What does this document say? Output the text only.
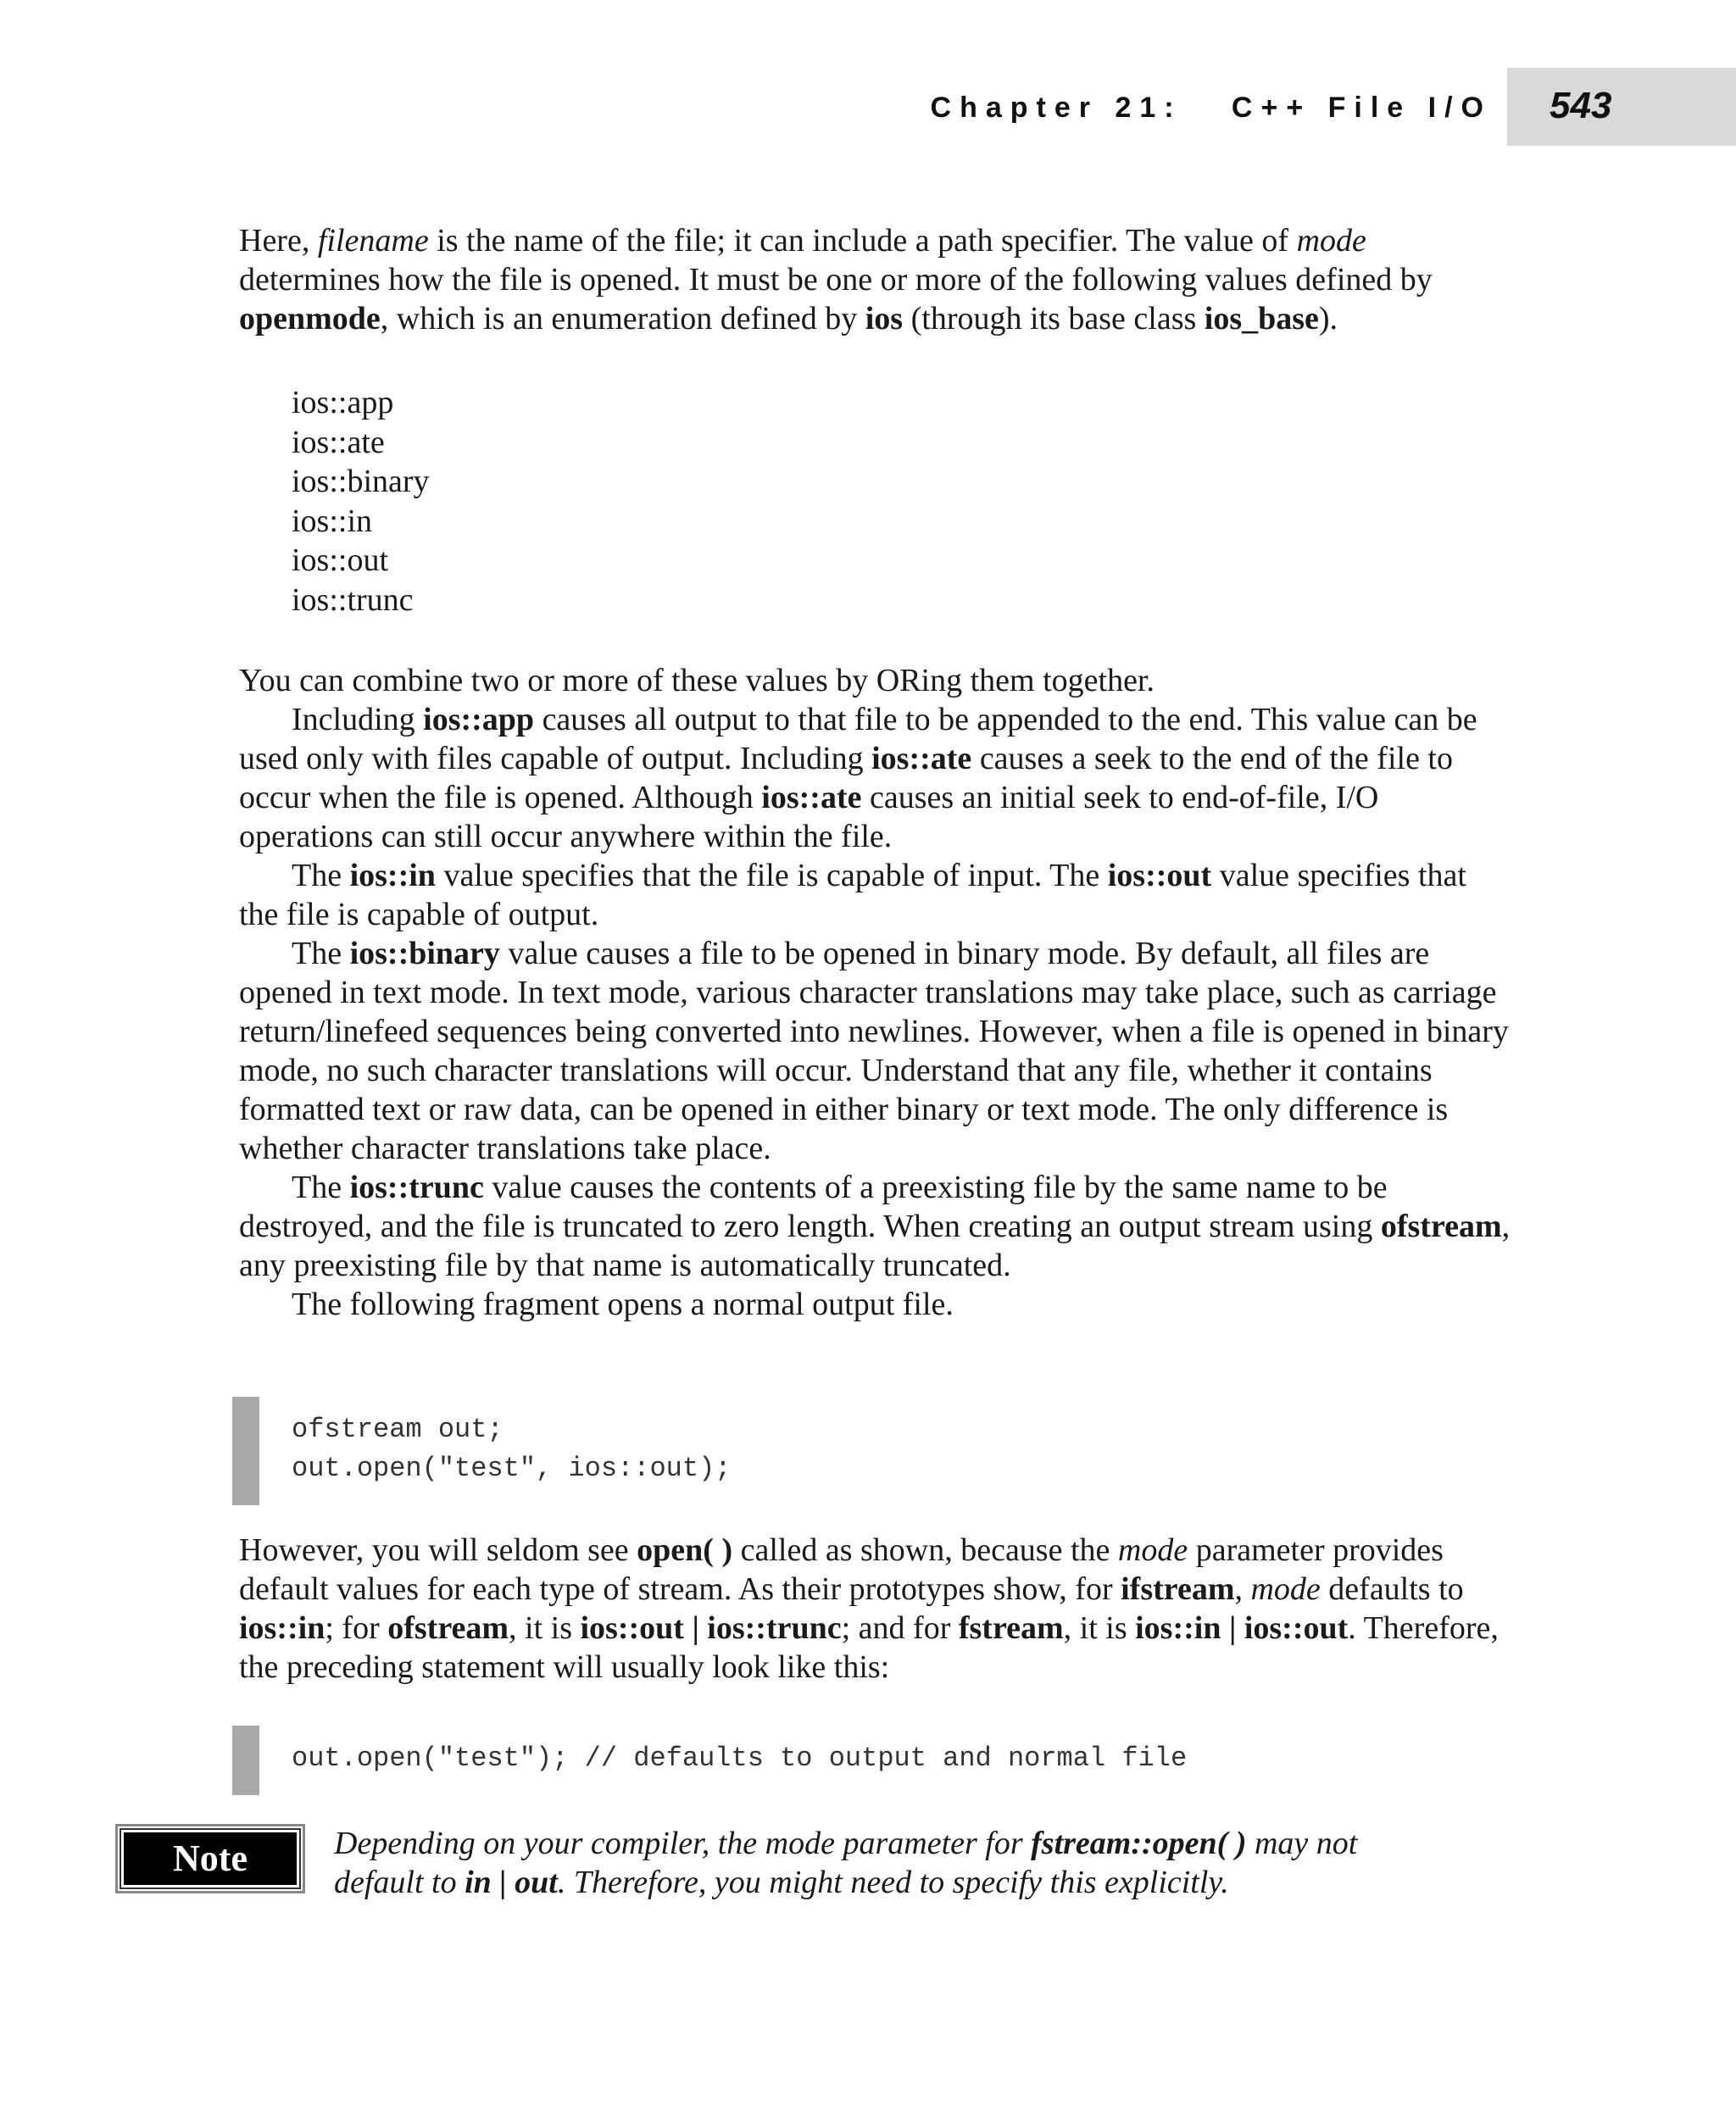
Chapter 21:   C++ File I/O 543

Here, filename is the name of the file; it can include a path specifier. The value of mode determines how the file is opened. It must be one or more of the following values defined by openmode, which is an enumeration defined by ios (through its base class ios_base).

ios::app
ios::ate
ios::binary
ios::in
ios::out
ios::trunc

You can combine two or more of these values by ORing them together.

Including ios::app causes all output to that file to be appended to the end. This value can be used only with files capable of output. Including ios::ate causes a seek to the end of the file to occur when the file is opened. Although ios::ate causes an initial seek to end-of-file, I/O operations can still occur anywhere within the file.

The ios::in value specifies that the file is capable of input. The ios::out value specifies that the file is capable of output.

The ios::binary value causes a file to be opened in binary mode. By default, all files are opened in text mode. In text mode, various character translations may take place, such as carriage return/linefeed sequences being converted into newlines. However, when a file is opened in binary mode, no such character translations will occur. Understand that any file, whether it contains formatted text or raw data, can be opened in either binary or text mode. The only difference is whether character translations take place.

The ios::trunc value causes the contents of a preexisting file by the same name to be destroyed, and the file is truncated to zero length. When creating an output stream using ofstream, any preexisting file by that name is automatically truncated.

The following fragment opens a normal output file.

ofstream out;
out.open("test", ios::out);

However, you will seldom see open( ) called as shown, because the mode parameter provides default values for each type of stream. As their prototypes show, for ifstream, mode defaults to ios::in; for ofstream, it is ios::out | ios::trunc; and for fstream, it is ios::in | ios::out. Therefore, the preceding statement will usually look like this:

out.open("test"); // defaults to output and normal file
Note	Depending on your compiler, the mode parameter for fstream::open( ) may not default to in | out. Therefore, you might need to specify this explicitly.
